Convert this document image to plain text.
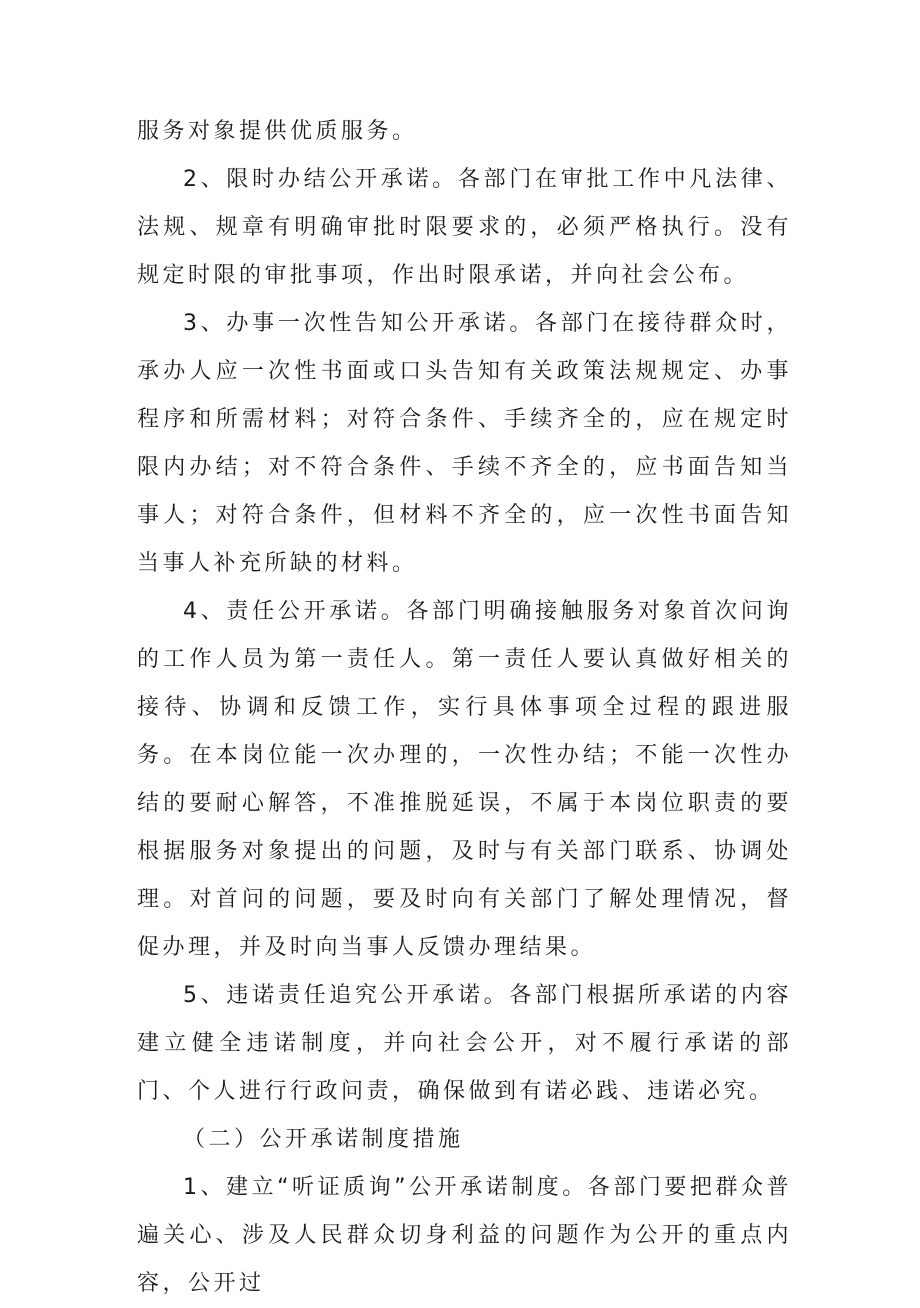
服务对象提供优质服务。

2、限时办结公开承诺。各部门在审批工作中凡法律、法规、规章有明确审批时限要求的，必须严格执行。没有规定时限的审批事项，作出时限承诺，并向社会公布。

3、办事一次性告知公开承诺。各部门在接待群众时，承办人应一次性书面或口头告知有关政策法规规定、办事程序和所需材料；对符合条件、手续齐全的，应在规定时限内办结；对不符合条件、手续不齐全的，应书面告知当事人；对符合条件，但材料不齐全的，应一次性书面告知当事人补充所缺的材料。

4、责任公开承诺。各部门明确接触服务对象首次问询的工作人员为第一责任人。第一责任人要认真做好相关的接待、协调和反馈工作，实行具体事项全过程的跟进服务。在本岗位能一次办理的，一次性办结；不能一次性办结的要耐心解答，不准推脱延误，不属于本岗位职责的要根据服务对象提出的问题，及时与有关部门联系、协调处理。对首问的问题，要及时向有关部门了解处理情况，督促办理，并及时向当事人反馈办理结果。

5、违诺责任追究公开承诺。各部门根据所承诺的内容建立健全违诺制度，并向社会公开，对不履行承诺的部门、个人进行行政问责，确保做到有诺必践、违诺必究。

（二）公开承诺制度措施

1、建立“听证质询”公开承诺制度。各部门要把群众普遍关心、涉及人民群众切身利益的问题作为公开的重点内容，公开过
